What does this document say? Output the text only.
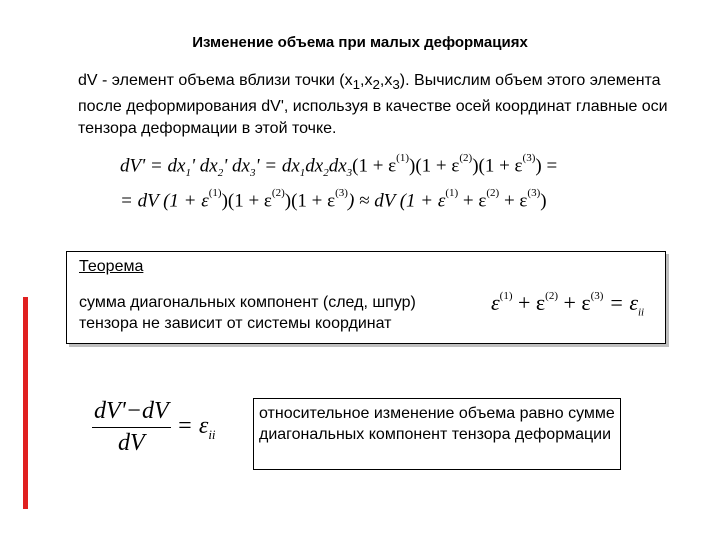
Изменение объема при малых деформациях

dV - элемент объема вблизи точки $(x_1,x_2,x_3)$. Вычислим объем этого элемента после деформирования dV', используя в качестве осей координат главные оси тензора деформации в этой точке.

$dV' = dx_1'$ $dx_2'$ $dx_3' = dx_1dx_2dx_3(1 + \varepsilon^{(1)})(1 + \varepsilon^{(2)})(1 + \varepsilon^{(3)})$ =
= dV $(1 + \varepsilon^{(1)})(1 + \varepsilon^{(2)})(1 + \varepsilon^{(3)})$ ≈ dV $(1 + \varepsilon^{(1)} + \varepsilon^{(2)} + \varepsilon^{(3)})$
Теорема
сумма диагональных компонент (след, шпур) тензора не зависит от системы координат
$\varepsilon^{(1)} + \varepsilon^{(2)} + \varepsilon^{(3)} = \varepsilon_{ii}$
$\frac{dV'-dV}{dV} = \varepsilon_{ii}$
относительное изменение объема равно сумме диагональных компонент тензора деформации
